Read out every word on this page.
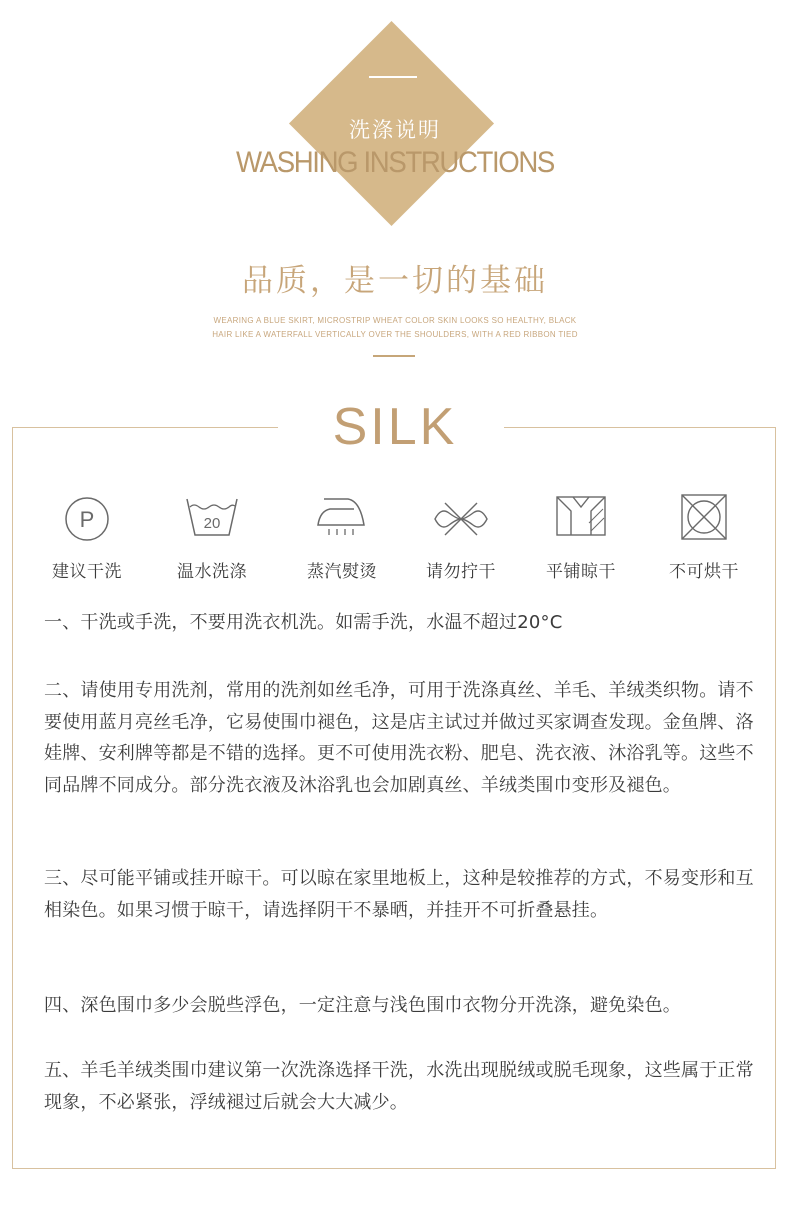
洗涤说明
WASHING INSTRUCTIONS
品质，是一切的基础
WEARING A BLUE SKIRT, MICROSTRIP WHEAT COLOR SKIN LOOKS SO HEALTHY, BLACK
HAIR LIKE A WATERFALL VERTICALLY OVER THE SHOULDERS, WITH A RED RIBBON TIED
SILK
P
建议干洗
20
温水洗涤	蒸汽熨烫	请勿拧干	平铺晾干	不可烘干
一、干洗或手洗，不要用洗衣机洗。如需手洗，水温不超过20°C
二、请使用专用洗剂，常用的洗剂如丝毛净，可用于洗涤真丝、羊毛、羊绒类织物。请不要使用蓝月亮丝毛净，它易使围巾褪色，这是店主试过并做过买家调查发现。金鱼牌、洛娃牌、安利牌等都是不错的选择。更不可使用洗衣粉、肥皂、洗衣液、沐浴乳等。这些不同品牌不同成分。部分洗衣液及沐浴乳也会加剧真丝、羊绒类围巾变形及褪色。
三、尽可能平铺或挂开晾干。可以晾在家里地板上，这种是较推荐的方式，不易变形和互相染色。如果习惯于晾干，请选择阴干不暴晒，并挂开不可折叠悬挂。
四、深色围巾多少会脱些浮色，一定注意与浅色围巾衣物分开洗涤，避免染色。
五、羊毛羊绒类围巾建议第一次洗涤选择干洗，水洗出现脱绒或脱毛现象，这些属于正常现象，不必紧张，浮绒褪过后就会大大减少。
